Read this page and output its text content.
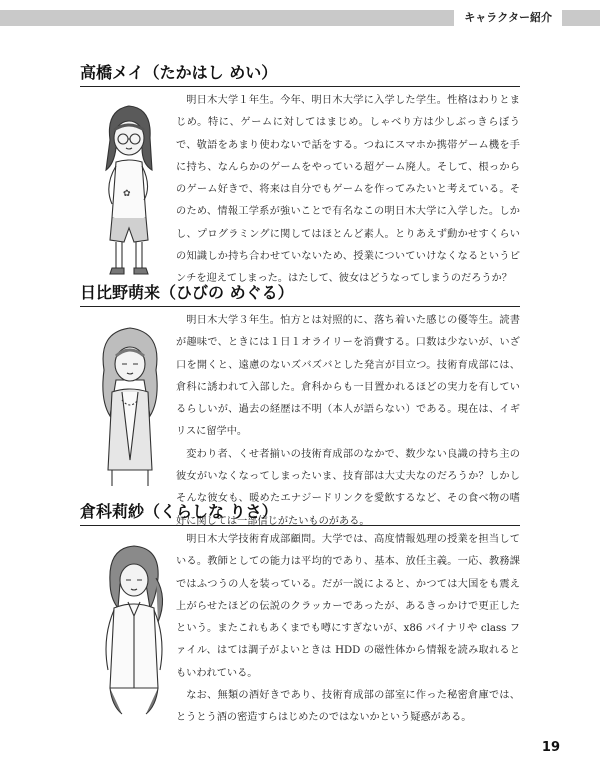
キャラクター紹介
高橋メイ（たかはし めい）
✿

明日木大学１年生。今年、明日木大学に入学した学生。性格はわりとまじめ。特に、ゲームに対してはまじめ。しゃべり方は少しぶっきらぼうで、敬語をあまり使わないで話をする。つねにスマホか携帯ゲーム機を手に持ち、なんらかのゲームをやっている超ゲーム廃人。そして、根っからのゲーム好きで、将来は自分でもゲームを作ってみたいと考えている。そのため、情報工学系が強いことで有名なこの明日木大学に入学した。しかし、プログラミングに関してはほとんど素人。とりあえず動かせすくらいの知識しか持ち合わせていないため、授業についていけなくなるというピンチを迎えてしまった。はたして、彼女はどうなってしまうのだろうか？

日比野萌来（ひびの めぐる）

明日木大学３年生。怕方とは対照的に、落ち着いた感じの優等生。読書が趣味で、ときには１日１オライリーを消費する。口数は少ないが、いざ口を開くと、遠慮のないズバズバとした発言が目立つ。技術育成部には、倉科に誘われて入部した。倉科からも一目置かれるほどの実力を有しているらしいが、過去の経歴は不明（本人が語らない）である。現在は、イギリスに留学中。

変わり者、くせ者揃いの技術育成部のなかで、数少ない良識の持ち主の彼女がいなくなってしまったいま、技育部は大丈夫なのだろうか？しかしそんな彼女も、暖めたエナジードリンクを愛飲するなど、その食べ物の嗜好に関しては一部信じがたいものがある。

倉科莉紗（くらしな りさ）

明日木大学技術育成部顧問。大学では、高度情報処理の授業を担当している。教師としての能力は平均的であり、基本、放任主義。一応、教務課ではふつうの人を装っている。だが一説によると、かつては大国をも震え上がらせたほどの伝説のクラッカーであったが、あるきっかけで更正したという。またこれもあくまでも噂にすぎないが、x86 バイナリや class ファイル、はては調子がよいときは HDD の磁性体から情報を読み取れるともいわれている。

なお、無類の酒好きであり、技術育成部の部室に作った秘密倉庫では、とうとう酒の密造すらはじめたのではないかという疑惑がある。

19
